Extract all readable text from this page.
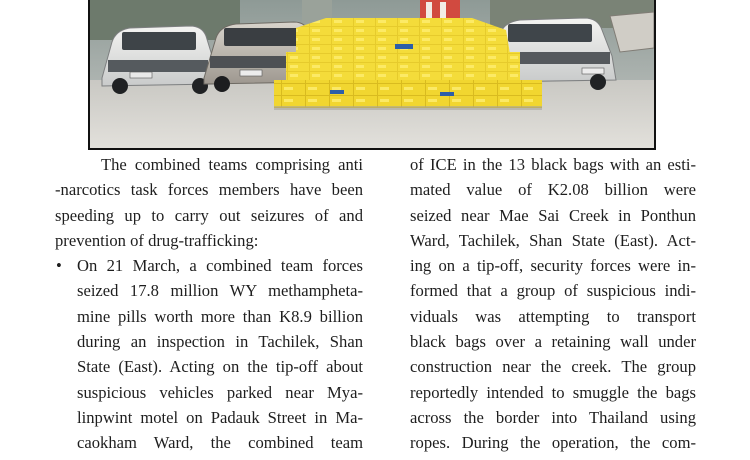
The combined teams comprising anti
-narcotics task forces members have been
speeding up to carry out seizures of and
prevention of drug-trafficking:
• On 21 March, a combined team forces
seized 17.8 million WY methampheta-
mine pills worth more than K8.9 billion
during an inspection in Tachilek, Shan
State (East). Acting on the tip-off about
suspicious vehicles parked near Mya-
linpwint motel on Padauk Street in Ma-
caokham Ward, the combined team
of ICE in the 13 black bags with an esti-
mated value of K2.08 billion were
seized near Mae Sai Creek in Ponthun
Ward, Tachilek, Shan State (East). Act-
ing on a tip-off, security forces were in-
formed that a group of suspicious indi-
viduals was attempting to transport
black bags over a retaining wall under
construction near the creek. The group
reportedly intended to smuggle the bags
across the border into Thailand using
ropes. During the operation, the com-
